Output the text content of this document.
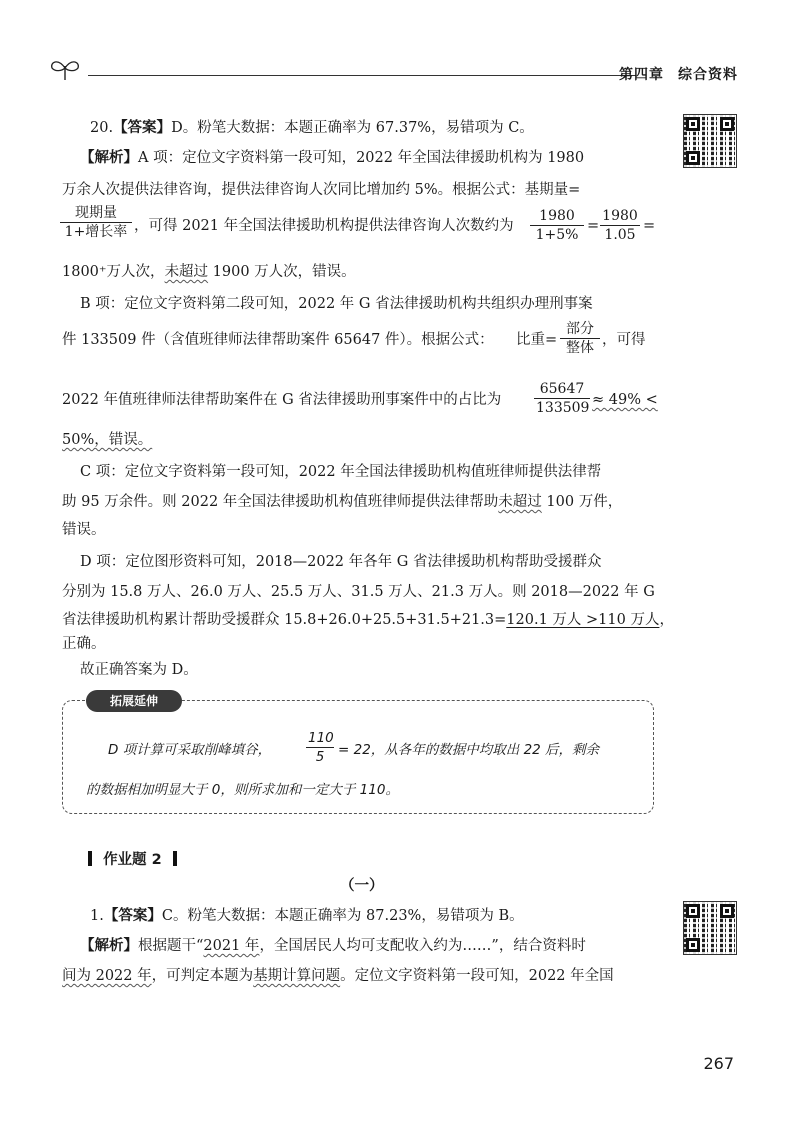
第四章 综合资料
20.【答案】D。粉笔大数据：本题正确率为 67.37%，易错项为 C。
【解析】A 项：定位文字资料第一段可知，2022 年全国法律援助机构为 1980
万余人次提供法律咨询，提供法律咨询人次同比增加约 5%。根据公式：基期量=
现期量
1+增长率 ，可得 2021 年全国法律援助机构提供法律咨询人次数约为 $\frac{1980}{1+5\%} = \frac{1980}{1.05}$ =
1800⁺万人次，未超过 1900 万人次，错误。
B 项：定位文字资料第二段可知，2022 年 G 省法律援助机构共组织办理刑事案
件 133509 件（含值班律师法律帮助案件 65647 件）。根据公式： 比重=
部分
整体 ，可得
2022 年值班律师法律帮助案件在 G 省法律援助刑事案件中的占比为 $\frac{65647}{133509} \approx 49\%$ <
50%，错误。
C 项：定位文字资料第一段可知，2022 年全国法律援助机构值班律师提供法律帮
助 95 万余件。则 2022 年全国法律援助机构值班律师提供法律帮助未超过 100 万件，
错误。
D 项：定位图形资料可知，2018—2022 年各年 G 省法律援助机构帮助受援群众
分别为 15.8 万人、26.0 万人、25.5 万人、31.5 万人、21.3 万人。则 2018—2022 年 G
省法律援助机构累计帮助受援群众 15.8+26.0+25.5+31.5+21.3=120.1 万人 >110 万人，
正确。
故正确答案为 D。
拓展延伸
D 项计算可采取削峰填谷，	$\frac{110}{5} = 22$，从各年的数据中均取出 22 后，剩余
的数据相加明显大于 0，则所求加和一定大于 110。
作业题 2
（一）
1.【答案】C。粉笔大数据：本题正确率为 87.23%，易错项为 B。
【解析】根据题干“2021 年，全国居民人均可支配收入约为……”，结合资料时
间为 2022 年，可判定本题为基期计算问题。定位文字资料第一段可知，2022 年全国
267
